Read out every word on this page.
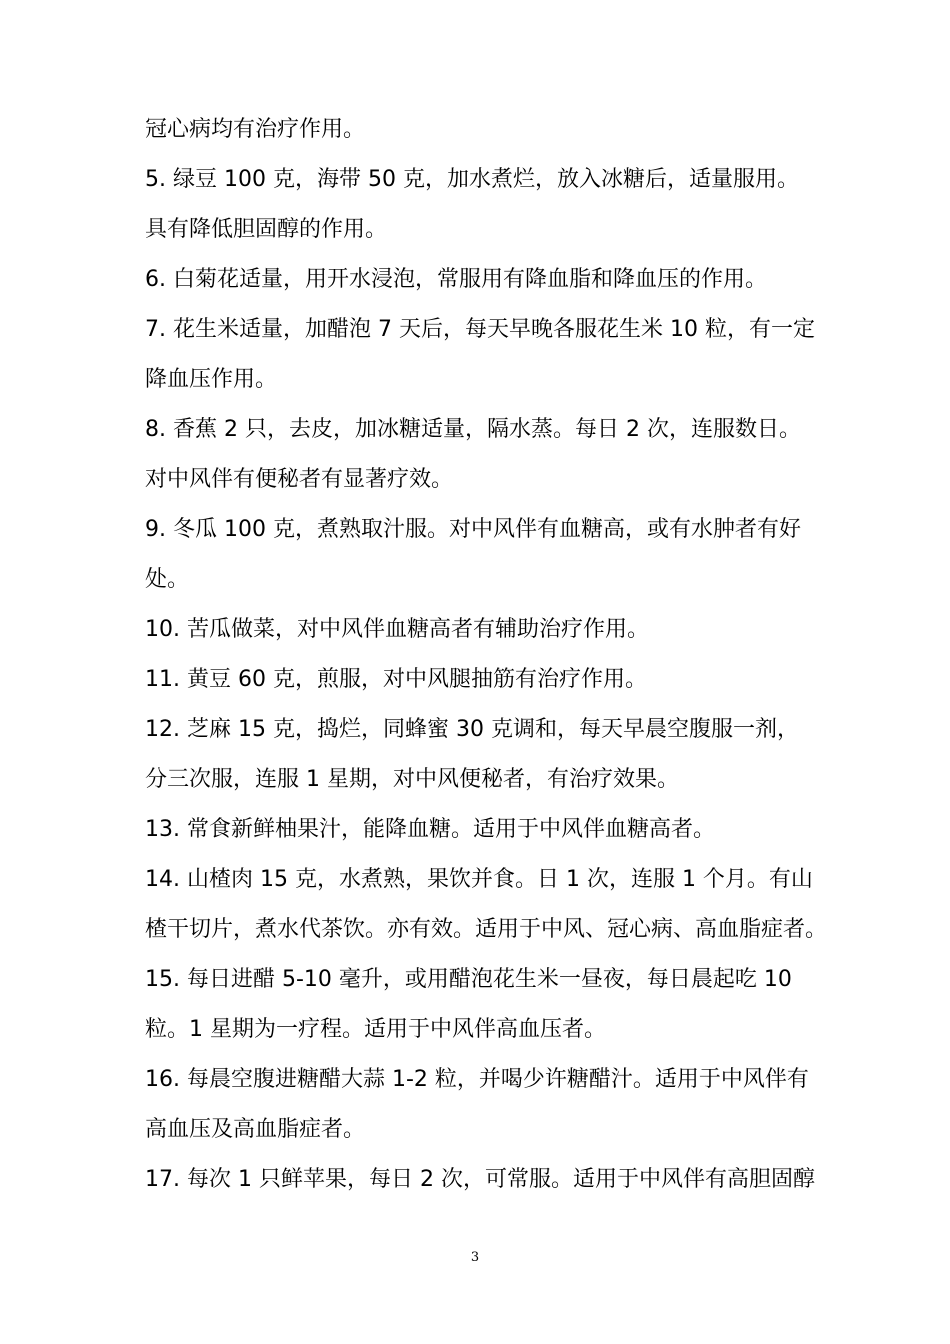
冠心病均有治疗作用。
5. 绿豆 100 克，海带 50 克，加水煮烂，放入冰糖后，适量服用。
具有降低胆固醇的作用。
6. 白菊花适量，用开水浸泡，常服用有降血脂和降血压的作用。
7. 花生米适量，加醋泡 7 天后，每天早晚各服花生米 10 粒，有一定
降血压作用。
8. 香蕉 2 只，去皮，加冰糖适量，隔水蒸。每日 2 次，连服数日。
对中风伴有便秘者有显著疗效。
9. 冬瓜 100 克，煮熟取汁服。对中风伴有血糖高，或有水肿者有好
处。
10. 苦瓜做菜，对中风伴血糖高者有辅助治疗作用。
11. 黄豆 60 克，煎服，对中风腿抽筋有治疗作用。
12. 芝麻 15 克，捣烂，同蜂蜜 30 克调和，每天早晨空腹服一剂，
分三次服，连服 1 星期，对中风便秘者，有治疗效果。
13. 常食新鲜柚果汁，能降血糖。适用于中风伴血糖高者。
14. 山楂肉 15 克，水煮熟，果饮并食。日 1 次，连服 1 个月。有山
楂干切片，煮水代茶饮。亦有效。适用于中风、冠心病、高血脂症者。
15. 每日进醋 5-10 毫升，或用醋泡花生米一昼夜，每日晨起吃 10
粒。1 星期为一疗程。适用于中风伴高血压者。
16. 每晨空腹进糖醋大蒜 1-2 粒，并喝少许糖醋汁。适用于中风伴有
高血压及高血脂症者。
17. 每次 1 只鲜苹果，每日 2 次，可常服。适用于中风伴有高胆固醇
3
